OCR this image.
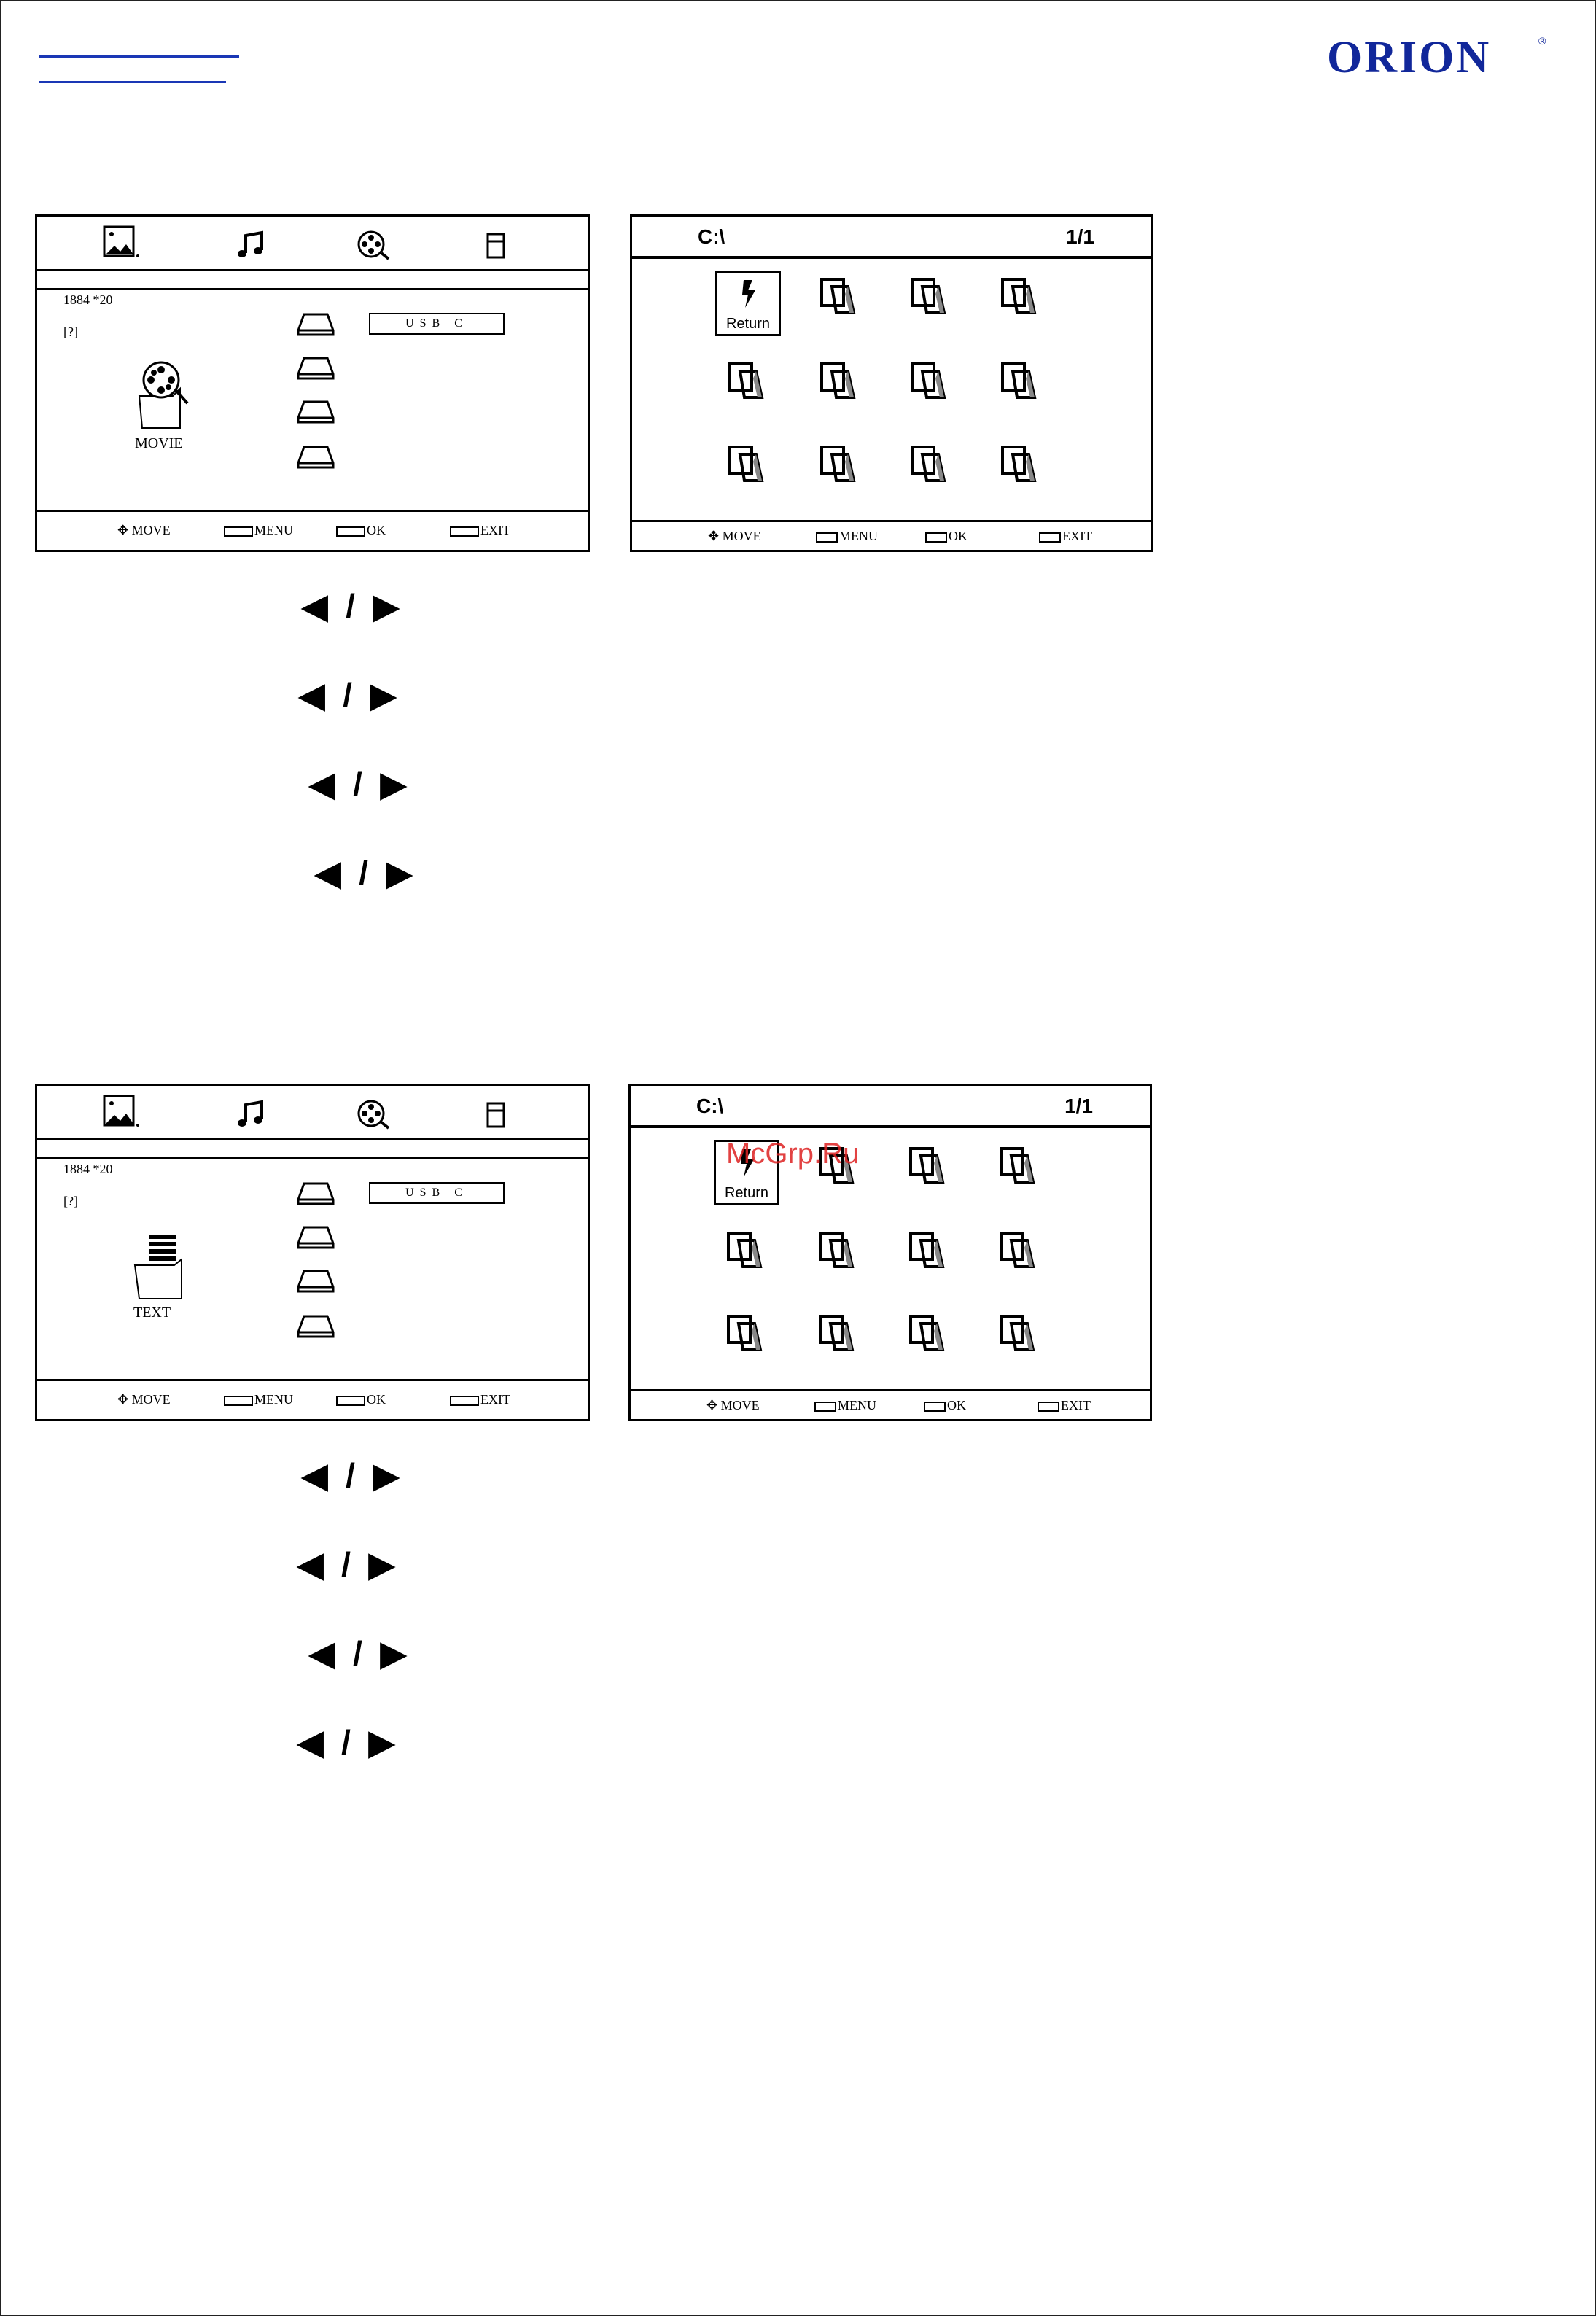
ORION	®
1884 *20
[?]
MOVIE
USB C
✥ MOVE	MENU	OK	EXIT
C:\	1/1
Return
✥ MOVE	MENU	OK	EXIT
◀ / ▶
◀ / ▶
◀ / ▶
◀ / ▶
1884 *20
[?]
TEXT
USB C
✥ MOVE	MENU	OK	EXIT
C:\	1/1
Return
✥ MOVE	MENU	OK	EXIT
McGrp.Ru
◀ / ▶
◀ / ▶
◀ / ▶
◀ / ▶
